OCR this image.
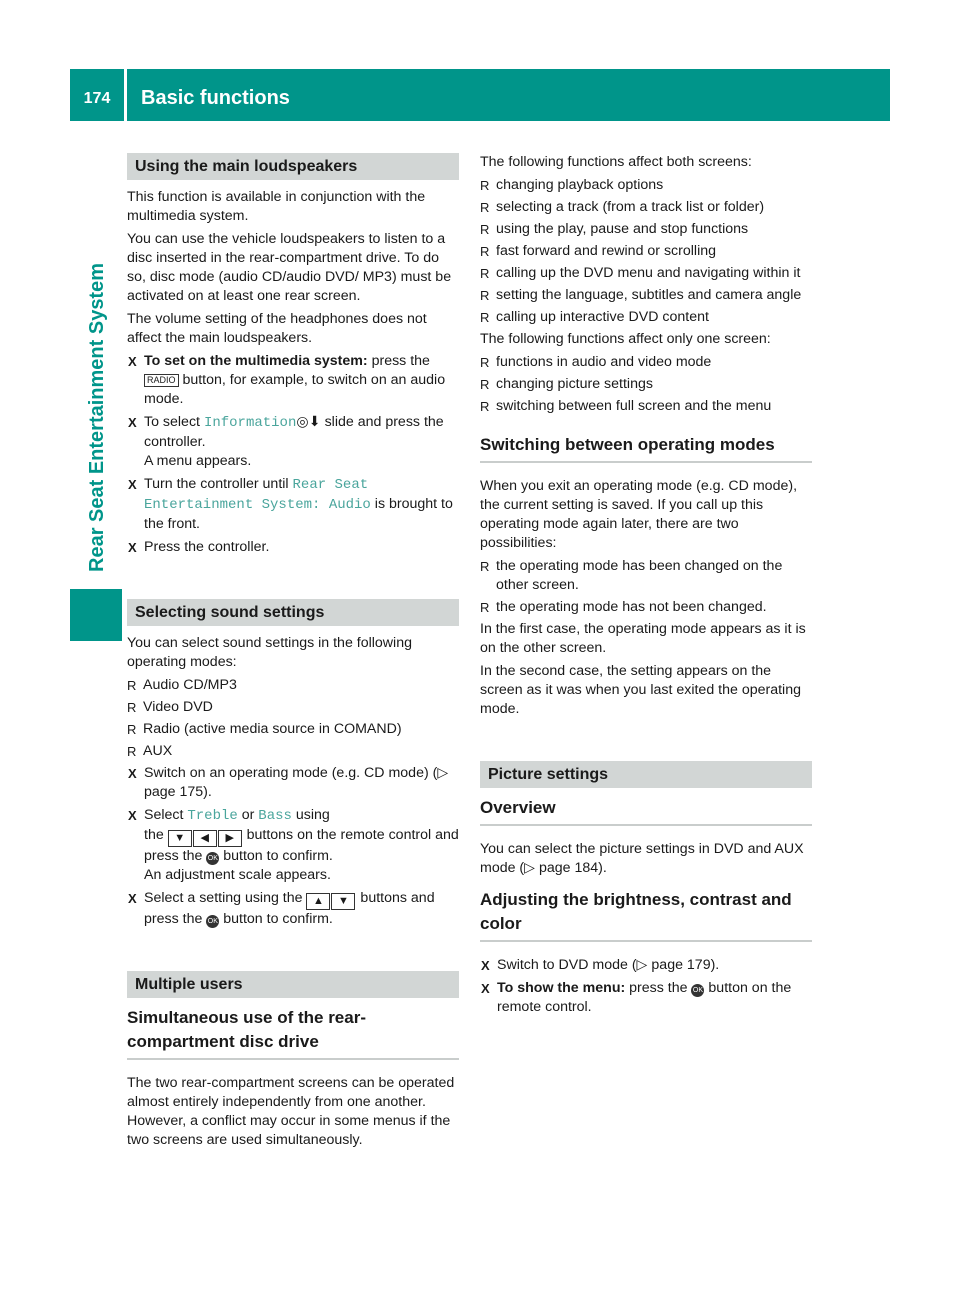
174	Basic functions
Rear Seat Entertainment System
Using the main loudspeakers

This function is available in conjunction with the multimedia system.

You can use the vehicle loudspeakers to listen to a disc inserted in the rear-compartment drive. To do so, disc mode (audio CD/audio DVD/ MP3) must be activated on at least one rear screen.

The volume setting of the headphones does not affect the main loudspeakers.

X To set on the multimedia system: press the RADIO button, for example, to switch on an audio mode.
X To select Information◎⬇ slide and press the controller.
A menu appears.
X Turn the controller until Rear Seat Entertainment System: Audio is brought to the front.
X Press the controller.
Selecting sound settings

You can select sound settings in the following operating modes:

R Audio CD/MP3
R Video DVD
R Radio (active media source in COMAND)
R AUX
X Switch on an operating mode (e.g. CD mode) (▷ page 175).
X Select Treble or Bass using
the ▼ ◀ ▶ buttons on the remote control and press the OK button to confirm.
An adjustment scale appears.
X Select a setting using the ▲ ▼ buttons and press the OK button to confirm.
Multiple users
Simultaneous use of the rear-compartment disc drive

The two rear-compartment screens can be operated almost entirely independently from one another. However, a conflict may occur in some menus if the two screens are used simultaneously.

The following functions affect both screens:

R changing playback options
R selecting a track (from a track list or folder)
R using the play, pause and stop functions
R fast forward and rewind or scrolling
R calling up the DVD menu and navigating within it
R setting the language, subtitles and camera angle
R calling up interactive DVD content

The following functions affect only one screen:

R functions in audio and video mode
R changing picture settings
R switching between full screen and the menu
Switching between operating modes

When you exit an operating mode (e.g. CD mode), the current setting is saved. If you call up this operating mode again later, there are two possibilities:

R the operating mode has been changed on the other screen.
R the operating mode has not been changed.

In the first case, the operating mode appears as it is on the other screen.

In the second case, the setting appears on the screen as it was when you last exited the operating mode.

Picture settings
Overview

You can select the picture settings in DVD and AUX mode (▷ page 184).

Adjusting the brightness, contrast and color
X Switch to DVD mode (▷ page 179).
X To show the menu: press the OK button on the remote control.
